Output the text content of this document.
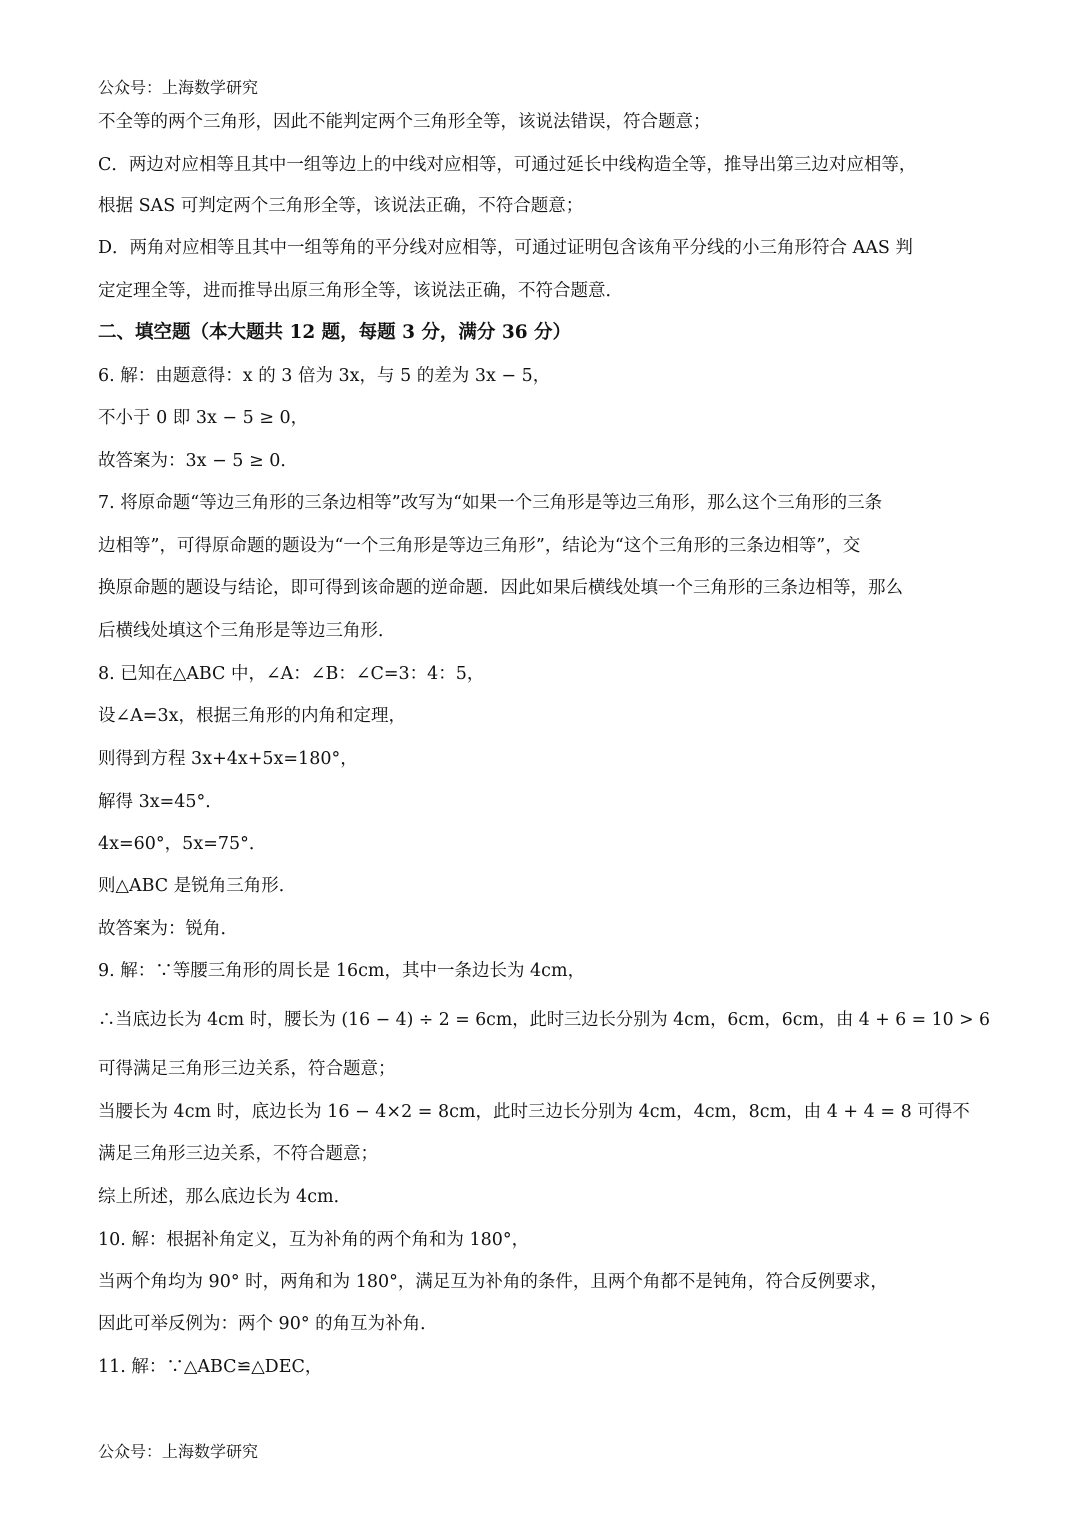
公众号：上海数学研究
不全等的两个三角形，因此不能判定两个三角形全等，该说法错误，符合题意；
C．两边对应相等且其中一组等边上的中线对应相等，可通过延长中线构造全等，推导出第三边对应相等，
根据 SAS 可判定两个三角形全等，该说法正确，不符合题意；
D．两角对应相等且其中一组等角的平分线对应相等，可通过证明包含该角平分线的小三角形符合 AAS 判
定定理全等，进而推导出原三角形全等，该说法正确，不符合题意．
二、填空题（本大题共 12 题，每题 3 分，满分 36 分）
6. 解：由题意得：x 的 3 倍为 3x，与 5 的差为 3x − 5，
不小于 0 即 3x − 5 ≥ 0，
故答案为：3x − 5 ≥ 0．
7. 将原命题“等边三角形的三条边相等”改写为“如果一个三角形是等边三角形，那么这个三角形的三条
边相等”，可得原命题的题设为“一个三角形是等边三角形”，结论为“这个三角形的三条边相等”，交
换原命题的题设与结论，即可得到该命题的逆命题．因此如果后横线处填一个三角形的三条边相等，那么
后横线处填这个三角形是等边三角形．
8. 已知在△ABC 中，∠A：∠B：∠C=3：4：5，
设∠A=3x，根据三角形的内角和定理，
则得到方程 3x+4x+5x=180°，
解得 3x=45°．
4x=60°，5x=75°．
则△ABC 是锐角三角形．
故答案为：锐角．
9. 解：∵等腰三角形的周长是 16cm，其中一条边长为 4cm，
∴当底边长为 4cm 时，腰长为 (16 − 4) ÷ 2 = 6cm，此时三边长分别为 4cm，6cm，6cm，由 4 + 6 = 10 > 6
可得满足三角形三边关系，符合题意；
当腰长为 4cm 时，底边长为 16 − 4×2 = 8cm，此时三边长分别为 4cm，4cm，8cm，由 4 + 4 = 8 可得不
满足三角形三边关系，不符合题意；
综上所述，那么底边长为 4cm．
10. 解：根据补角定义，互为补角的两个角和为 180°，
当两个角均为 90° 时，两角和为 180°，满足互为补角的条件，且两个角都不是钝角，符合反例要求，
因此可举反例为：两个 90° 的角互为补角．
11. 解：∵△ABC≌△DEC，
公众号：上海数学研究
